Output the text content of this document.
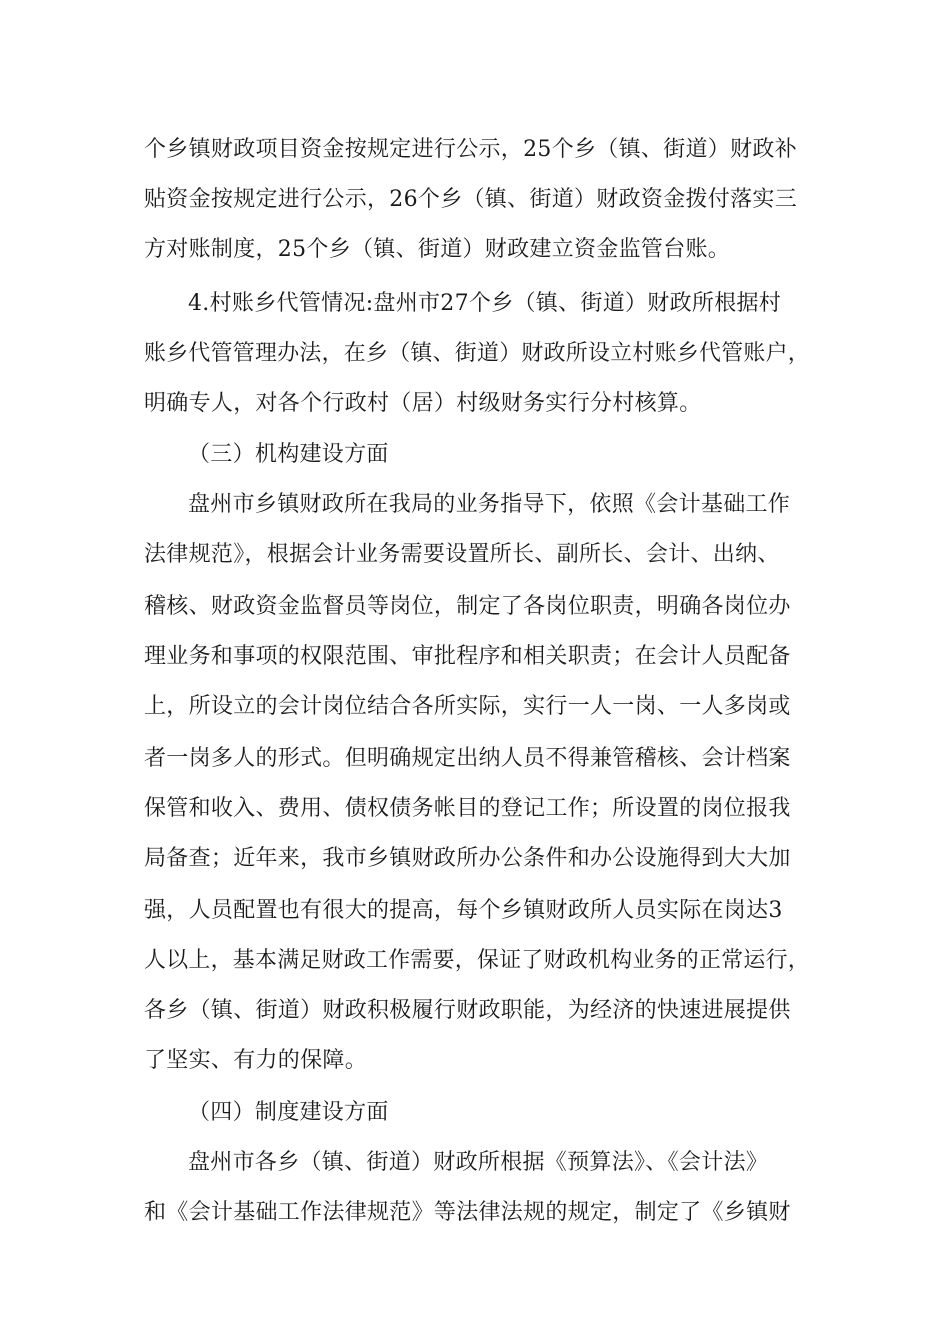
个乡镇财政项目资金按规定进行公示，25个乡（镇、街道）财政补
贴资金按规定进行公示，26个乡（镇、街道）财政资金拨付落实三
方对账制度，25个乡（镇、街道）财政建立资金监管台账。
4.村账乡代管情况:盘州市27个乡（镇、街道）财政所根据村
账乡代管管理办法，在乡（镇、街道）财政所设立村账乡代管账户，
明确专人，对各个行政村（居）村级财务实行分村核算。
（三）机构建设方面
盘州市乡镇财政所在我局的业务指导下，依照《会计基础工作
法律规范》，根据会计业务需要设置所长、副所长、会计、出纳、
稽核、财政资金监督员等岗位，制定了各岗位职责，明确各岗位办
理业务和事项的权限范围、审批程序和相关职责；在会计人员配备
上，所设立的会计岗位结合各所实际，实行一人一岗、一人多岗或
者一岗多人的形式。但明确规定出纳人员不得兼管稽核、会计档案
保管和收入、费用、债权债务帐目的登记工作；所设置的岗位报我
局备查；近年来，我市乡镇财政所办公条件和办公设施得到大大加
强，人员配置也有很大的提高，每个乡镇财政所人员实际在岗达3
人以上，基本满足财政工作需要，保证了财政机构业务的正常运行，
各乡（镇、街道）财政积极履行财政职能，为经济的快速进展提供
了坚实、有力的保障。
（四）制度建设方面
盘州市各乡（镇、街道）财政所根据《预算法》、《会计法》
和《会计基础工作法律规范》等法律法规的规定，制定了《乡镇财
